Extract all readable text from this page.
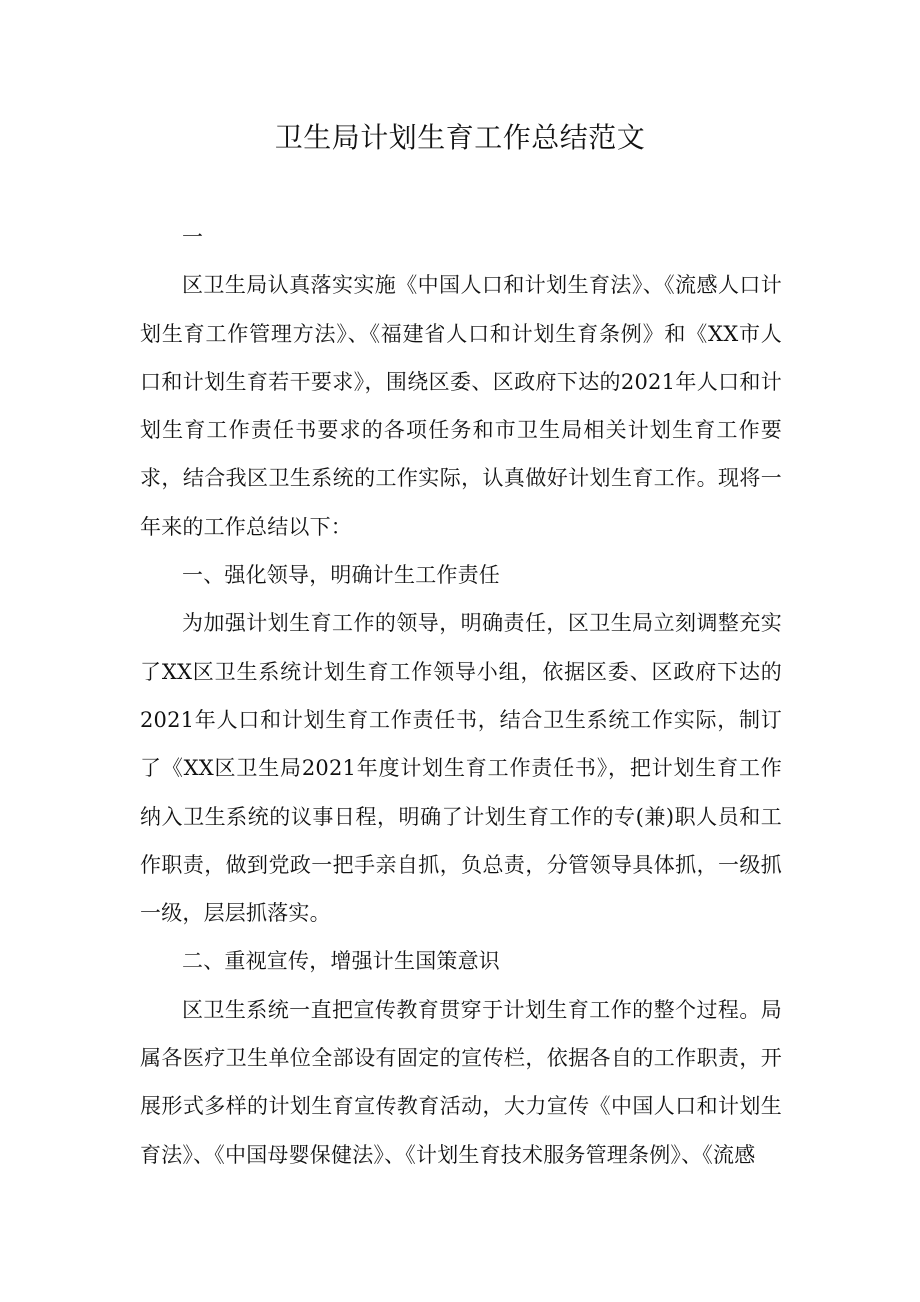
卫生局计划生育工作总结范文

一

区卫生局认真落实实施《中国人口和计划生育法》、《流感人口计划生育工作管理方法》、《福建省人口和计划生育条例》和《XX市人口和计划生育若干要求》，围绕区委、区政府下达的2021年人口和计划生育工作责任书要求的各项任务和市卫生局相关计划生育工作要求，结合我区卫生系统的工作实际，认真做好计划生育工作。现将一年来的工作总结以下：

一、强化领导，明确计生工作责任

为加强计划生育工作的领导，明确责任，区卫生局立刻调整充实了XX区卫生系统计划生育工作领导小组，依据区委、区政府下达的2021年人口和计划生育工作责任书，结合卫生系统工作实际，制订了《XX区卫生局2021年度计划生育工作责任书》，把计划生育工作纳入卫生系统的议事日程，明确了计划生育工作的专(兼)职人员和工作职责，做到党政一把手亲自抓，负总责，分管领导具体抓，一级抓一级，层层抓落实。

二、重视宣传，增强计生国策意识

区卫生系统一直把宣传教育贯穿于计划生育工作的整个过程。局属各医疗卫生单位全部设有固定的宣传栏，依据各自的工作职责，开展形式多样的计划生育宣传教育活动，大力宣传《中国人口和计划生育法》、《中国母婴保健法》、《计划生育技术服务管理条例》、《流感
